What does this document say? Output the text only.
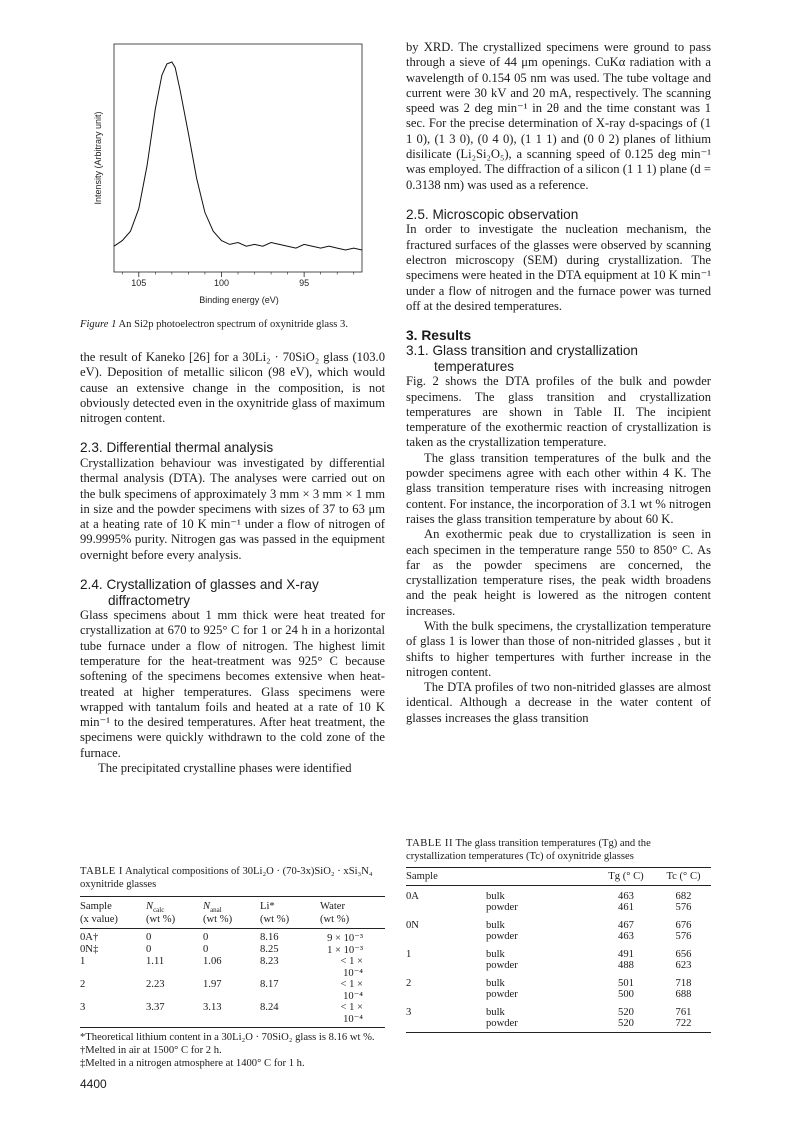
Intensity (Arbitrary unit)
105	100	95
Binding energy (eV)
Figure 1 An Si2p photoelectron spectrum of oxynitride glass 3.

the result of Kaneko [26] for a 30Li₂ · 70SiO₂ glass (103.0 eV). Deposition of metallic silicon (98 eV), which would cause an extensive change in the composition, is not obviously detected even in the oxynitride glass of maximum nitrogen content.

2.3. Differential thermal analysis

Crystallization behaviour was investigated by differential thermal analysis (DTA). The analyses were carried out on the bulk specimens of approximately 3 mm × 3 mm × 1 mm in size and the powder specimens with sizes of 37 to 63 μm at a heating rate of 10 K min⁻¹ under a flow of nitrogen of 99.9995% purity. Nitrogen gas was passed in the equipment overnight before every analysis.

2.4. Crystallization of glasses and X-ray
diffractometry

Glass specimens about 1 mm thick were heat treated for crystallization at 670 to 925° C for 1 or 24 h in a horizontal tube furnace under a flow of nitrogen. The highest limit temperature for the heat-treatment was 925° C because softening of the specimens becomes extensive when heat-treated at higher temperatures. Glass specimens were wrapped with tantalum foils and heated at a rate of 10 K min⁻¹ to the desired temperatures. After heat treatment, the specimens were quickly withdrawn to the cold zone of the furnace.

The precipitated crystalline phases were identified

TABLE I Analytical compositions of 30Li₂O · (70-3x)SiO₂ · xSi₃N₄ oxynitride glasses
Sample	$N_{calc}$	$N_{anal}$	Li*	Water
(x value)	(wt %)	(wt %)	(wt %)	(wt %)
0A†	0	0	8.16	9 × 10⁻³
0N‡	0	0	8.25	1 × 10⁻³
1	1.11	1.06	8.23	< 1 × 10⁻⁴
2	2.23	1.97	8.17	< 1 × 10⁻⁴
3	3.37	3.13	8.24	< 1 × 10⁻⁴
*Theoretical lithium content in a 30Li₂O · 70SiO₂ glass is 8.16 wt %.
†Melted in air at 1500° C for 2 h.
‡Melted in a nitrogen atmosphere at 1400° C for 1 h.
4400

by XRD. The crystallized specimens were ground to pass through a sieve of 44 μm openings. CuKα radiation with a wavelength of 0.154 05 nm was used. The tube voltage and current were 30 kV and 20 mA, respectively. The scanning speed was 2 deg min⁻¹ in 2θ and the time constant was 1 sec. For the precise determination of X-ray d-spacings of (1 1 0), (1 3 0), (0 4 0), (1 1 1) and (0 0 2) planes of lithium disilicate (Li₂Si₂O₅), a scanning speed of 0.125 deg min⁻¹ was employed. The diffraction of a silicon (1 1 1) plane (d = 0.3138 nm) was used as a reference.

2.5. Microscopic observation

In order to investigate the nucleation mechanism, the fractured surfaces of the glasses were observed by scanning electron microscopy (SEM) during crystallization. The specimens were heated in the DTA equipment at 10 K min⁻¹ under a flow of nitrogen and the furnace power was turned off at the desired temperatures.

3. Results

3.1. Glass transition and crystallization
temperatures

Fig. 2 shows the DTA profiles of the bulk and powder specimens. The glass transition and crystallization temperatures are shown in Table II. The incipient temperature of the exothermic reaction of crystallization is taken as the crystallization temperature.

The glass transition temperatures of the bulk and the powder specimens agree with each other within 4 K. The glass transition temperature rises with increasing nitrogen content. For instance, the incorporation of 3.1 wt % nitrogen raises the glass transition temperature by about 60 K.

An exothermic peak due to crystallization is seen in each specimen in the temperature range 550 to 850° C. As far as the powder specimens are concerned, the crystallization temperature rises, the peak width broadens and the peak height is lowered as the nitrogen content increases.

With the bulk specimens, the crystallization temperature of glass 1 is lower than those of non-nitrided glasses , but it shifts to higher tempertures with further increase in the nitrogen content.

The DTA profiles of two non-nitrided glasses are almost identical. Although a decrease in the water content of glasses increases the glass transition

TABLE II The glass transition temperatures (Tg) and the crystallization temperatures (Tc) of oxynitride glasses
Sample		Tg (° C)	Tc (° C)
0A	bulk	463	682
	powder	461	576
0N	bulk	467	676
	powder	463	576
1	bulk	491	656
	powder	488	623
2	bulk	501	718
	powder	500	688
3	bulk	520	761
	powder	520	722
